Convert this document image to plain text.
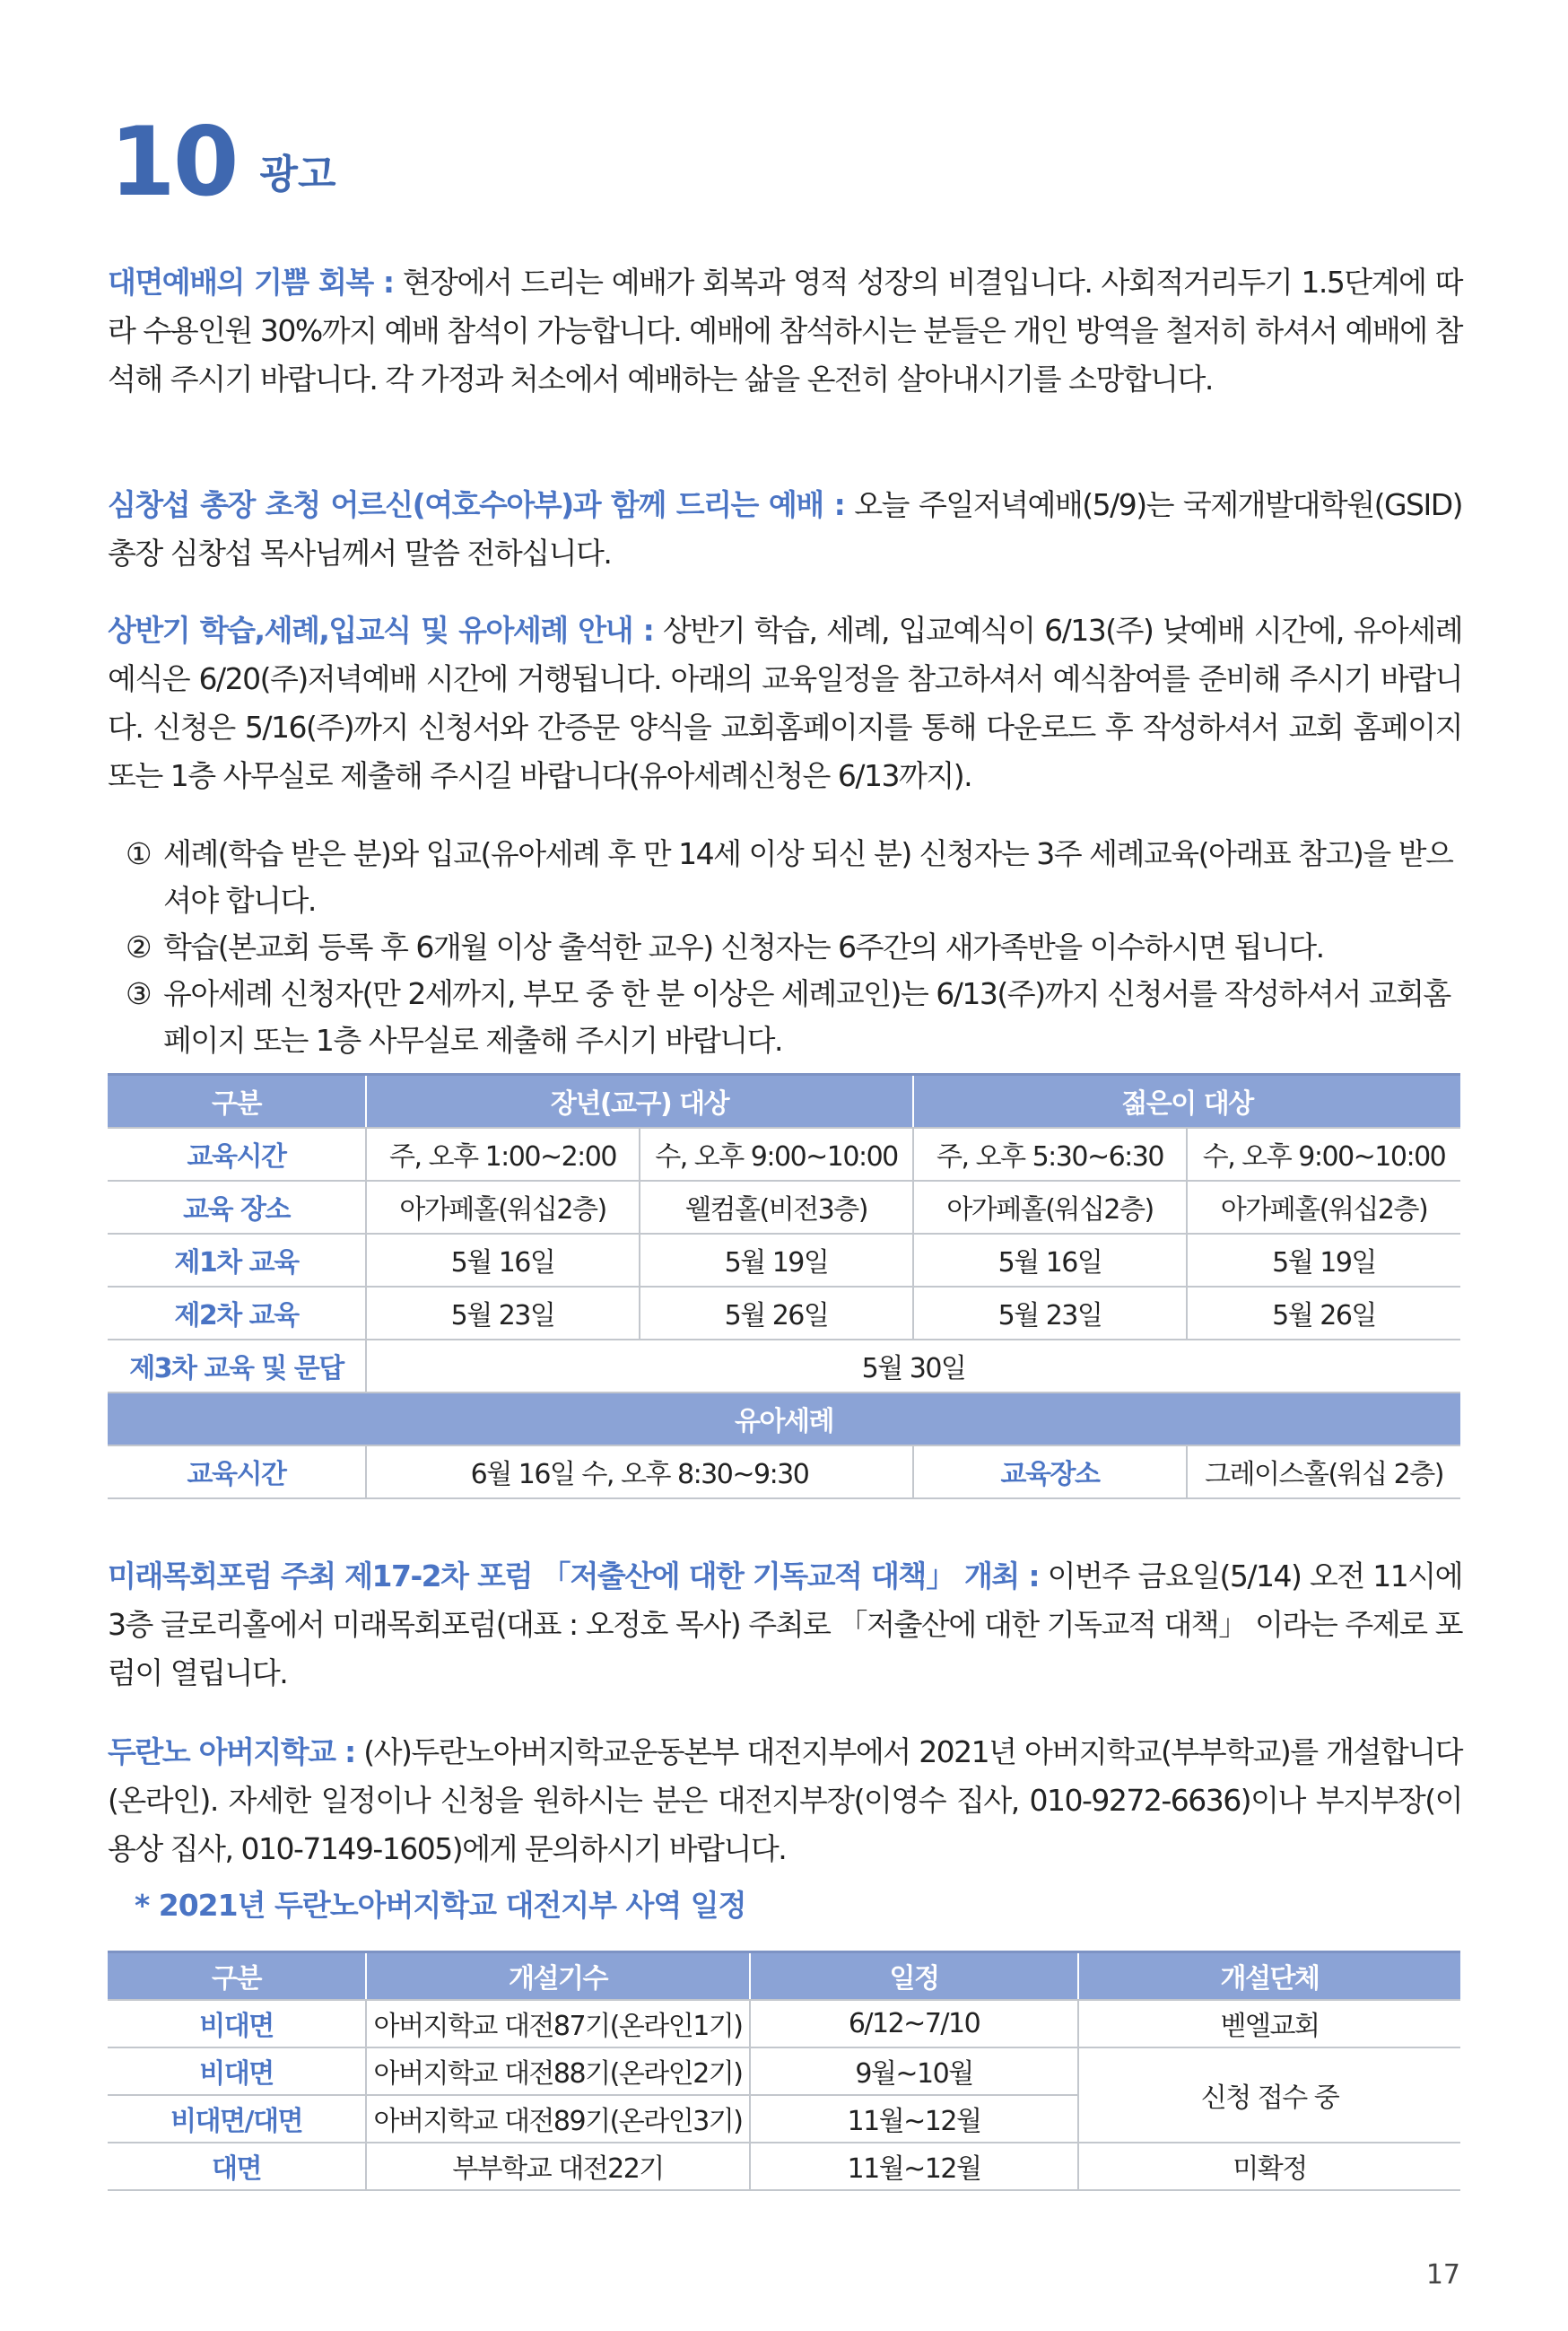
10 광고

대면예배의 기쁨 회복 : 현장에서 드리는 예배가 회복과 영적 성장의 비결입니다. 사회적거리두기 1.5단계에 따라 수용인원 30%까지 예배 참석이 가능합니다. 예배에 참석하시는 분들은 개인 방역을 철저히 하셔서 예배에 참석해 주시기 바랍니다. 각 가정과 처소에서 예배하는 삶을 온전히 살아내시기를 소망합니다.

심창섭 총장 초청 어르신(여호수아부)과 함께 드리는 예배 : 오늘 주일저녁예배(5/9)는 국제개발대학원(GSID) 총장 심창섭 목사님께서 말씀 전하십니다.

상반기 학습,세례,입교식 및 유아세례 안내 : 상반기 학습, 세례, 입교예식이 6/13(주) 낮예배 시간에, 유아세례예식은 6/20(주)저녁예배 시간에 거행됩니다. 아래의 교육일정을 참고하셔서 예식참여를 준비해 주시기 바랍니다. 신청은 5/16(주)까지 신청서와 간증문 양식을 교회홈페이지를 통해 다운로드 후 작성하셔서 교회 홈페이지 또는 1층 사무실로 제출해 주시길 바랍니다(유아세례신청은 6/13까지).

① 세례(학습 받은 분)와 입교(유아세례 후 만 14세 이상 되신 분) 신청자는 3주 세례교육(아래표 참고)을 받으셔야 합니다.
② 학습(본교회 등록 후 6개월 이상 출석한 교우) 신청자는 6주간의 새가족반을 이수하시면 됩니다.
③ 유아세례 신청자(만 2세까지, 부모 중 한 분 이상은 세례교인)는 6/13(주)까지 신청서를 작성하셔서 교회홈페이지 또는 1층 사무실로 제출해 주시기 바랍니다.
구분	장년(교구) 대상		젊은이 대상	
교육시간	주, 오후 1:00~2:00	수, 오후 9:00~10:00	주, 오후 5:30~6:30	수, 오후 9:00~10:00
교육 장소	아가페홀(워십2층)	웰컴홀(비전3층)	아가페홀(워십2층)	아가페홀(워십2층)
제1차 교육	5월 16일	5월 19일	5월 16일	5월 19일
제2차 교육	5월 23일	5월 26일	5월 23일	5월 26일
제3차 교육 및 문답	5월 30일			
유아세례				
교육시간	6월 16일 수, 오후 8:30~9:30		교육장소	그레이스홀(워십 2층)

미래목회포럼 주최 제17-2차 포럼 「저출산에 대한 기독교적 대책」 개최 : 이번주 금요일(5/14) 오전 11시에 3층 글로리홀에서 미래목회포럼(대표 : 오정호 목사) 주최로 「저출산에 대한 기독교적 대책」 이라는 주제로 포럼이 열립니다.

두란노 아버지학교 : (사)두란노아버지학교운동본부 대전지부에서 2021년 아버지학교(부부학교)를 개설합니다(온라인). 자세한 일정이나 신청을 원하시는 분은 대전지부장(이영수 집사, 010-9272-6636)이나 부지부장(이용상 집사, 010-7149-1605)에게 문의하시기 바랍니다.

* 2021년 두란노아버지학교 대전지부 사역 일정
구분	개설기수	일정	개설단체
비대면	아버지학교 대전87기(온라인1기)	6/12~7/10	벧엘교회
비대면	아버지학교 대전88기(온라인2기)	9월~10월	신청 접수 중
비대면/대면	아버지학교 대전89기(온라인3기)	11월~12월	
대면	부부학교 대전22기	11월~12월	미확정
17
